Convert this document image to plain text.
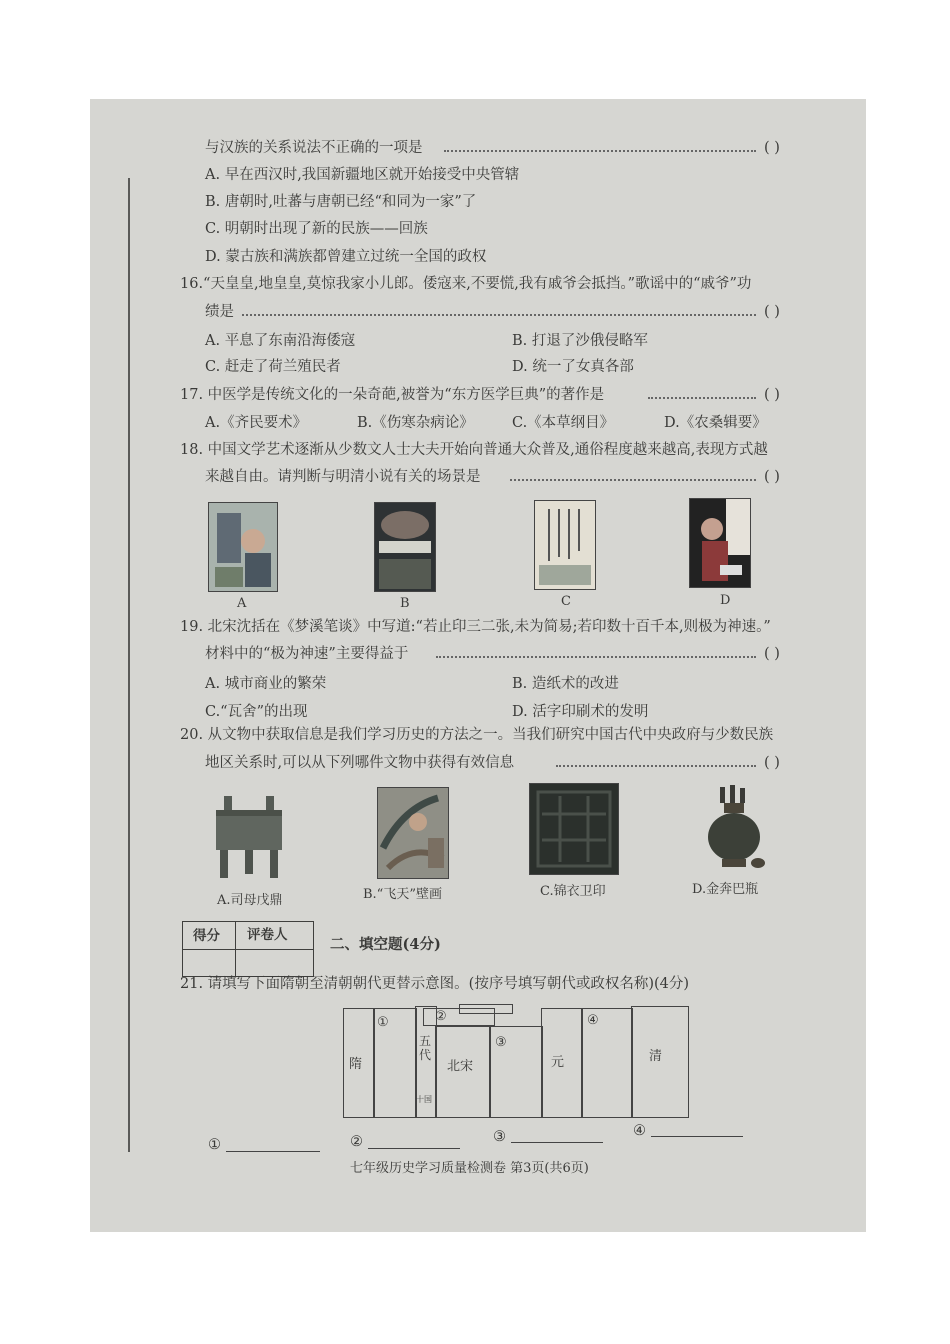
与汉族的关系说法不正确的一项是	( )
A. 早在西汉时,我国新疆地区就开始接受中央管辖
B. 唐朝时,吐蕃与唐朝已经“和同为一家”了
C. 明朝时出现了新的民族——回族
D. 蒙古族和满族都曾建立过统一全国的政权
16.“天皇皇,地皇皇,莫惊我家小儿郎。倭寇来,不要慌,我有戚爷会抵挡。”歌谣中的“戚爷”功
绩是	( )
A. 平息了东南沿海倭寇	B. 打退了沙俄侵略军
C. 赶走了荷兰殖民者	D. 统一了女真各部
17. 中医学是传统文化的一朵奇葩,被誉为“东方医学巨典”的著作是	( )
A.《齐民要术》	B.《伤寒杂病论》	C.《本草纲目》	D.《农桑辑要》
18. 中国文学艺术逐渐从少数文人士大夫开始向普通大众普及,通俗程度越来越高,表现方式越
来越自由。请判断与明清小说有关的场景是	( )
A	B	C	D
19. 北宋沈括在《梦溪笔谈》中写道:“若止印三二张,未为简易;若印数十百千本,则极为神速。”
材料中的“极为神速”主要得益于	( )
A. 城市商业的繁荣	B. 造纸术的改进
C.“瓦舍”的出现	D. 活字印刷术的发明
20. 从文物中获取信息是我们学习历史的方法之一。当我们研究中国古代中央政府与少数民族
地区关系时,可以从下列哪件文物中获得有效信息	( )
A.司母戊鼎	B.“飞天”壁画	C.锦衣卫印	D.金奔巴瓶
得分 评卷人
二、填空题(4分)
21. 请填写下面隋朝至清朝朝代更替示意图。(按序号填写朝代或政权名称)(4分)
隋
①
五代
十国
北宋
②
③
元
④
清
①	②	③	④
七年级历史学习质量检测卷 第3页(共6页)
